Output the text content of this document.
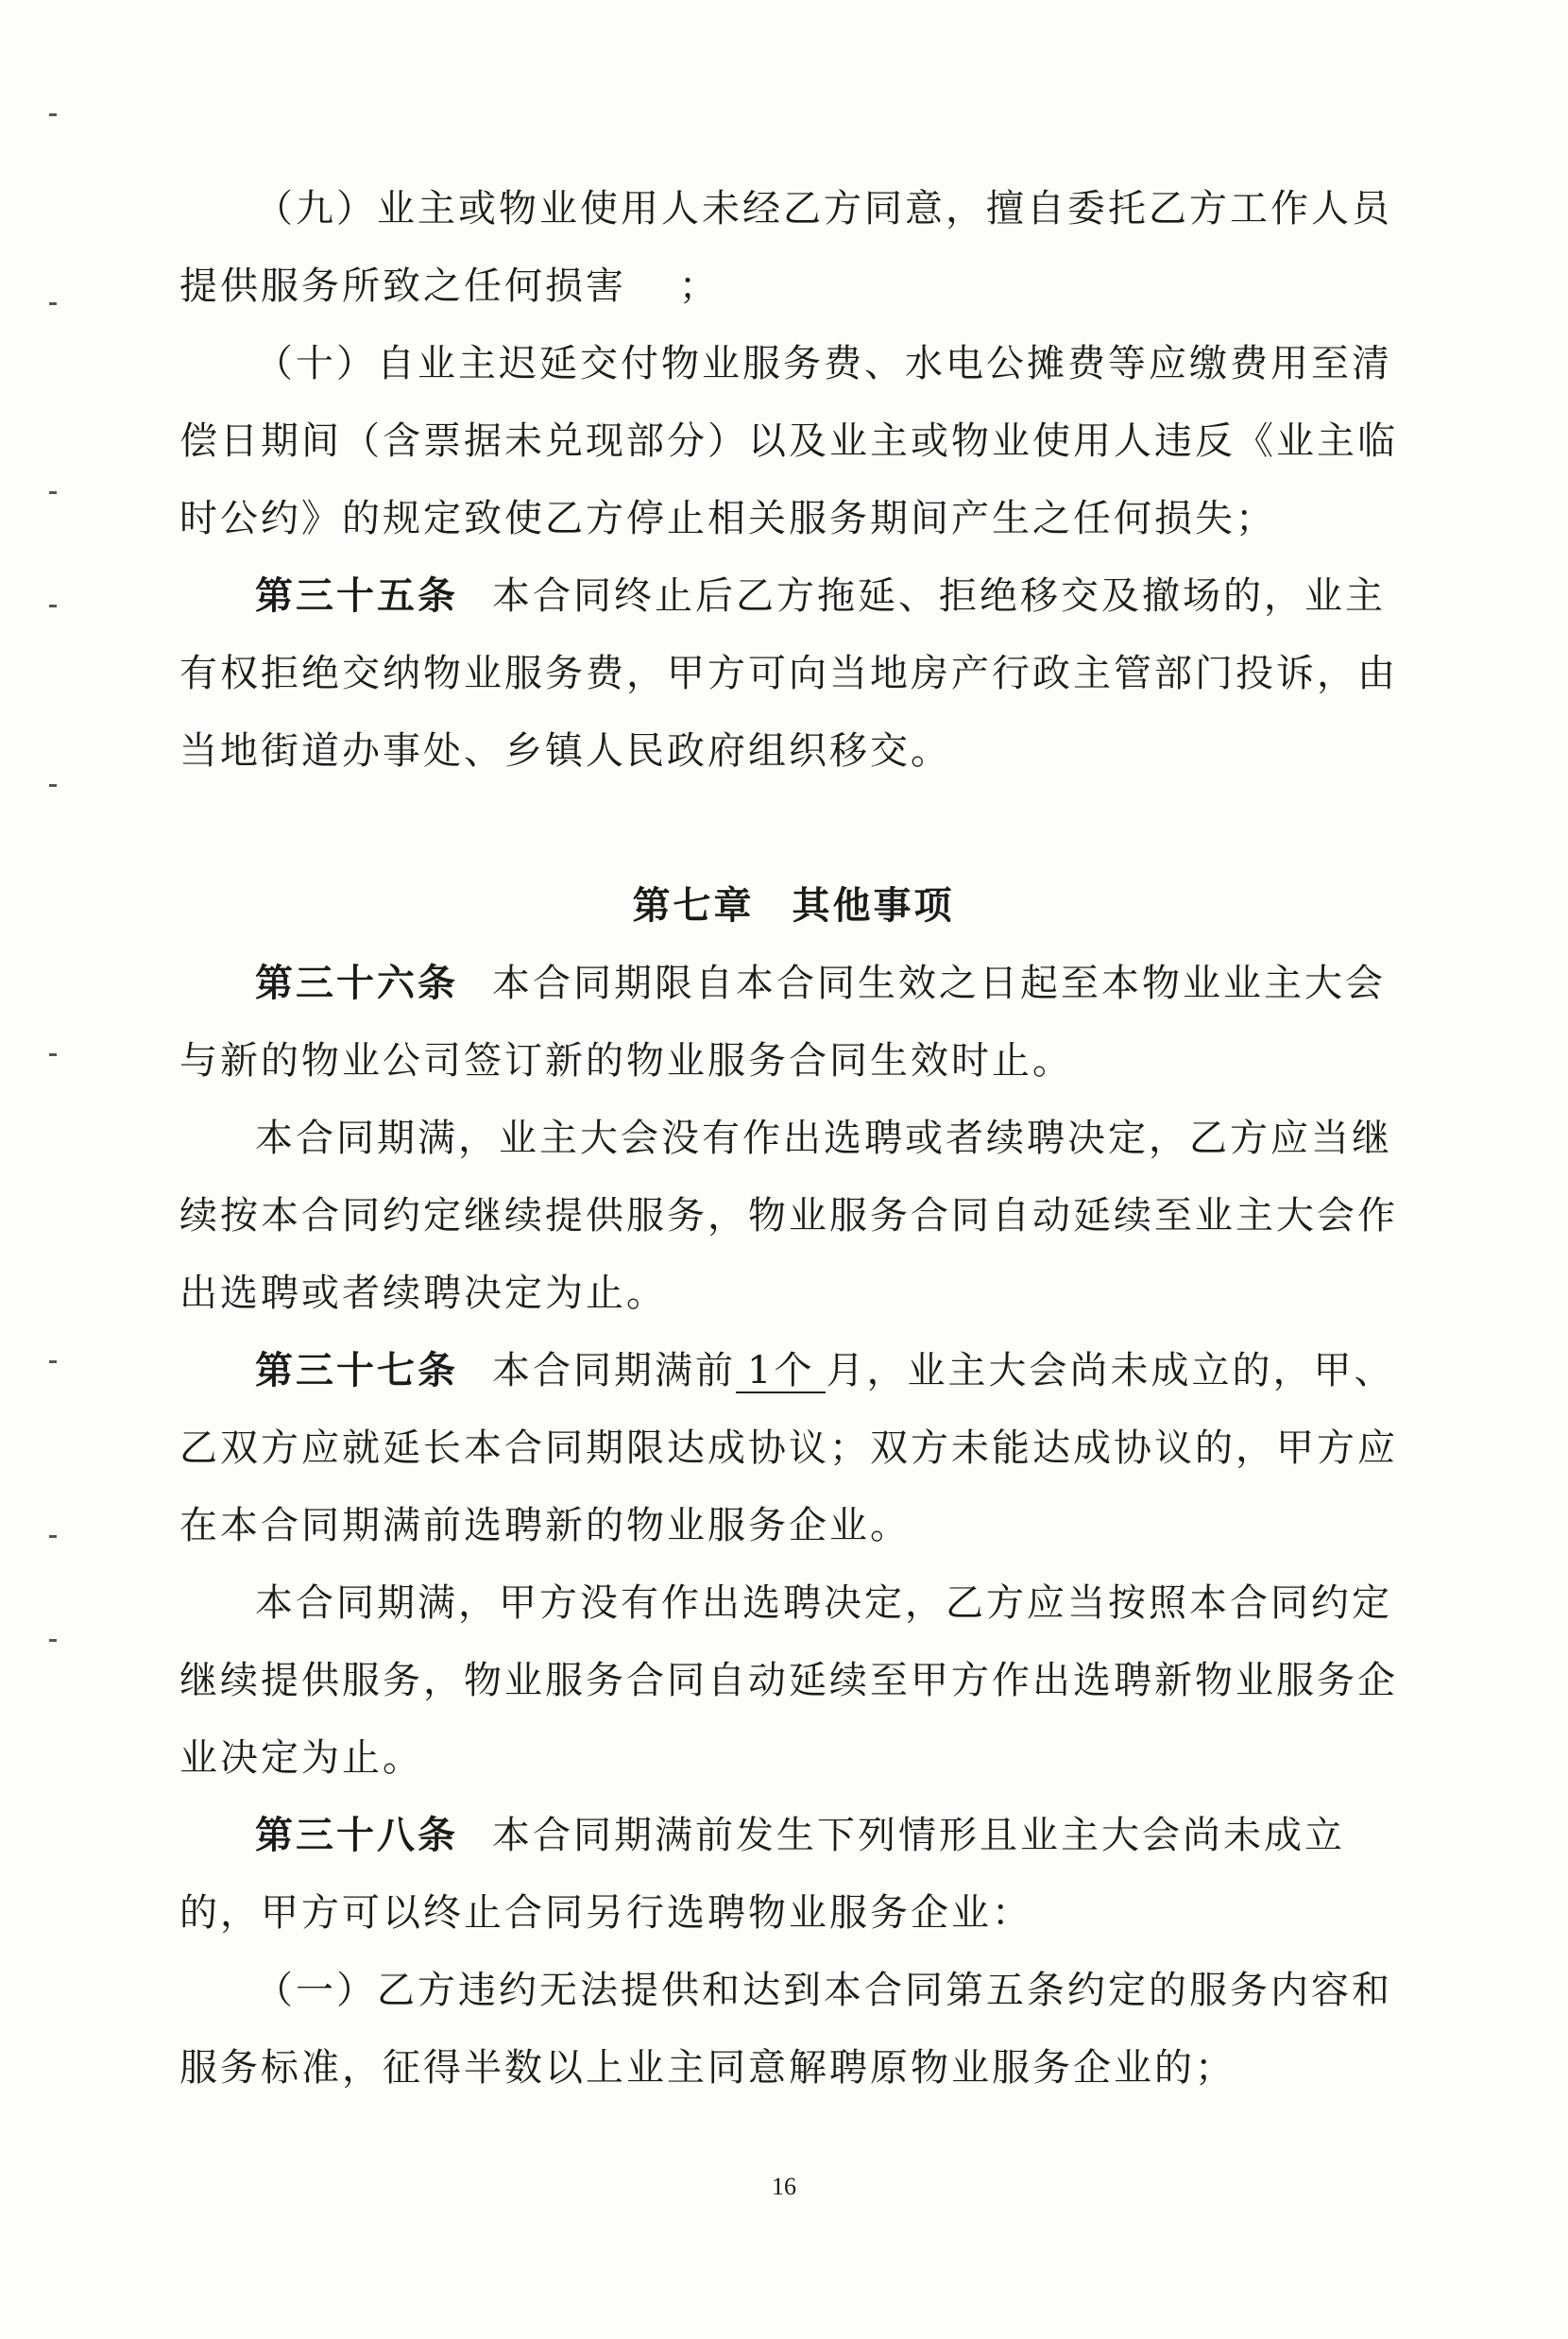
（九）业主或物业使用人未经乙方同意，擅自委托乙方工作人员
提供服务所致之任何损害 ；
（十）自业主迟延交付物业服务费、水电公摊费等应缴费用至清
偿日期间（含票据未兑现部分）以及业主或物业使用人违反《业主临
时公约》的规定致使乙方停止相关服务期间产生之任何损失；
第三十五条 本合同终止后乙方拖延、拒绝移交及撤场的，业主
有权拒绝交纳物业服务费，甲方可向当地房产行政主管部门投诉，由
当地街道办事处、乡镇人民政府组织移交。
第七章 其他事项
第三十六条 本合同期限自本合同生效之日起至本物业业主大会
与新的物业公司签订新的物业服务合同生效时止。
本合同期满，业主大会没有作出选聘或者续聘决定，乙方应当继
续按本合同约定继续提供服务，物业服务合同自动延续至业主大会作
出选聘或者续聘决定为止。
第三十七条 本合同期满前 1个 月，业主大会尚未成立的，甲、
乙双方应就延长本合同期限达成协议；双方未能达成协议的，甲方应
在本合同期满前选聘新的物业服务企业。
本合同期满，甲方没有作出选聘决定，乙方应当按照本合同约定
继续提供服务，物业服务合同自动延续至甲方作出选聘新物业服务企
业决定为止。
第三十八条 本合同期满前发生下列情形且业主大会尚未成立
的，甲方可以终止合同另行选聘物业服务企业：
（一）乙方违约无法提供和达到本合同第五条约定的服务内容和
服务标准，征得半数以上业主同意解聘原物业服务企业的；
16
